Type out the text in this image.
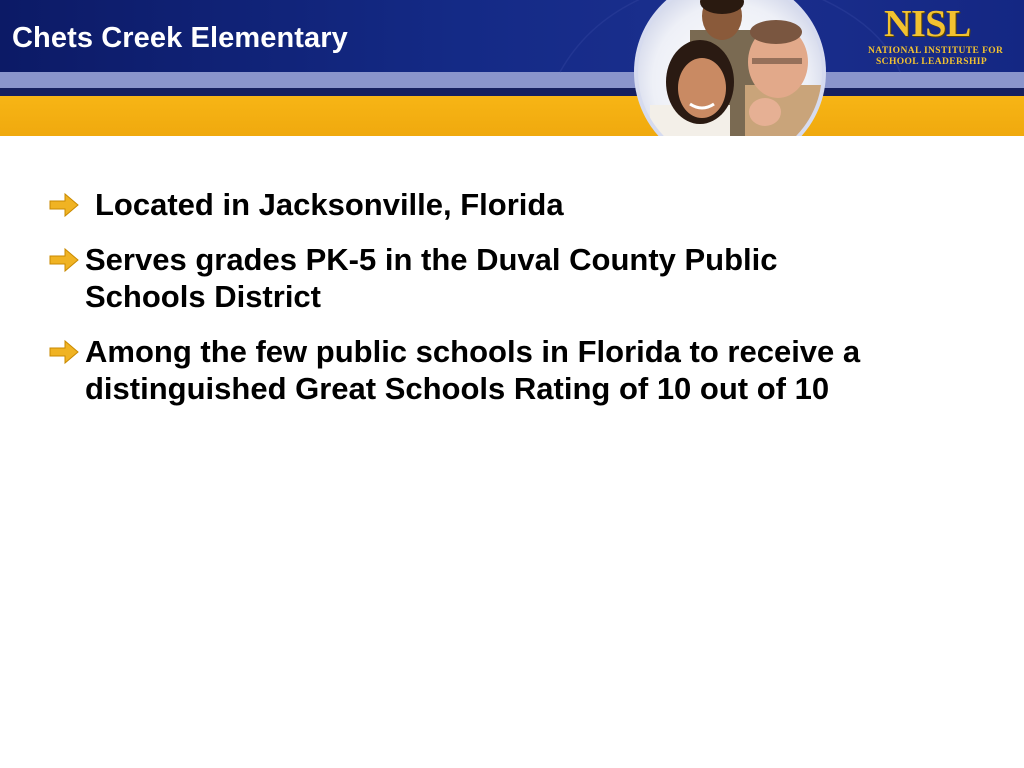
Chets Creek Elementary	NISL
NATIONAL INSTITUTE FOR
SCHOOL LEADERSHIP
Located in Jacksonville, Florida
Serves grades PK-5 in the Duval County Public Schools District
Among the few public schools in Florida to receive a distinguished Great Schools Rating of 10 out of 10
